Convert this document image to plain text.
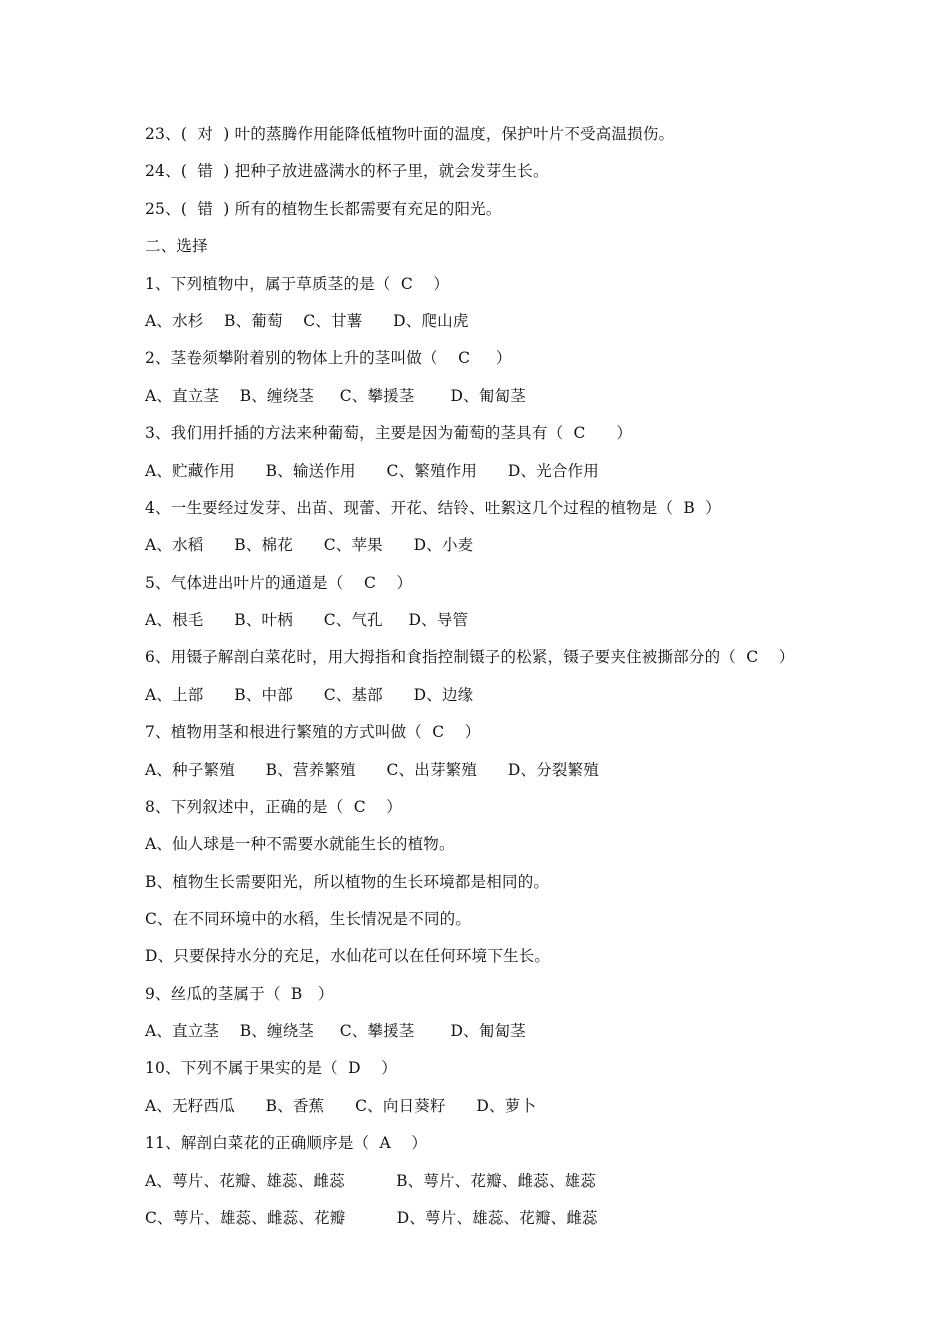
23、(  对  ) 叶的蒸腾作用能降低植物叶面的温度，保护叶片不受高温损伤。
24、(  错  ) 把种子放进盛满水的杯子里，就会发芽生长。
25、(  错  ) 所有的植物生长都需要有充足的阳光。
二、选择
1、下列植物中，属于草质茎的是（  C    ）
A、水杉    B、葡萄    C、甘薯      D、爬山虎
2、茎卷须攀附着别的物体上升的茎叫做（    C     ）
A、直立茎    B、缠绕茎     C、攀援茎       D、匍匐茎
3、我们用扦插的方法来种葡萄，主要是因为葡萄的茎具有（  C      ）
A、贮藏作用      B、输送作用      C、繁殖作用      D、光合作用
4、一生要经过发芽、出苗、现蕾、开花、结铃、吐絮这几个过程的植物是（  B  ）
A、水稻      B、棉花      C、苹果      D、小麦
5、气体进出叶片的通道是（    C    ）
A、根毛      B、叶柄      C、气孔     D、导管
6、用镊子解剖白菜花时，用大拇指和食指控制镊子的松紧，镊子要夹住被撕部分的（  C    ）
A、上部      B、中部      C、基部      D、边缘
7、植物用茎和根进行繁殖的方式叫做（  C    ）
A、种子繁殖      B、营养繁殖      C、出芽繁殖      D、分裂繁殖
8、下列叙述中，正确的是（  C    ）
A、仙人球是一种不需要水就能生长的植物。
B、植物生长需要阳光，所以植物的生长环境都是相同的。
C、在不同环境中的水稻，生长情况是不同的。
D、只要保持水分的充足，水仙花可以在任何环境下生长。
9、丝瓜的茎属于（  B   ）
A、直立茎    B、缠绕茎     C、攀援茎       D、匍匐茎
10、下列不属于果实的是（  D    ）
A、无籽西瓜      B、香蕉      C、向日葵籽      D、萝卜
11、解剖白菜花的正确顺序是（  A    ）
A、萼片、花瓣、雄蕊、雌蕊          B、萼片、花瓣、雌蕊、雄蕊
C、萼片、雄蕊、雌蕊、花瓣          D、萼片、雄蕊、花瓣、雌蕊
